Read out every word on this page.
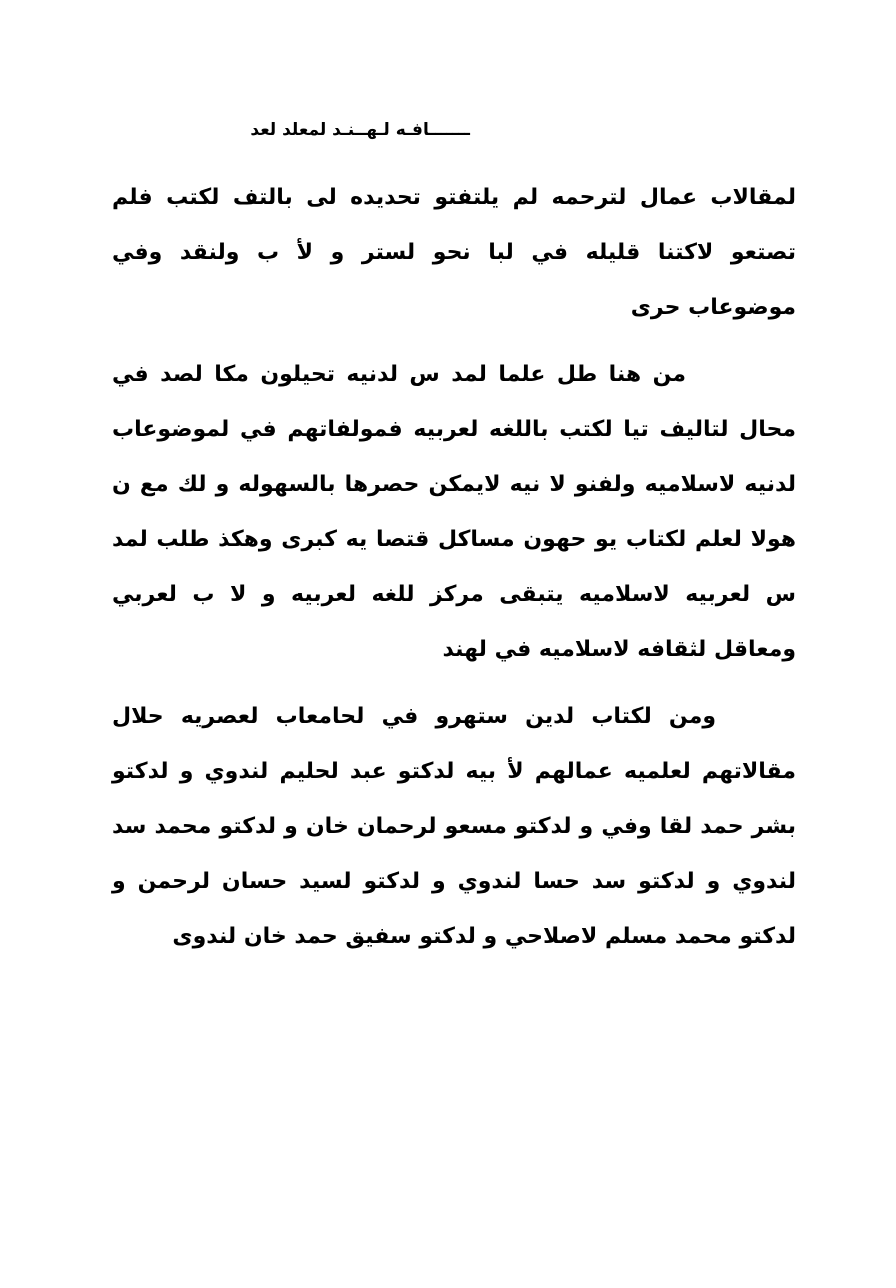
ـــــــافـه لـهــنـد لمعلد لعد

لمقالاب عمال لترحمه لم يلتفتو تحديده لى بالتف لكتب فلم تصتعو لاكتنا قليله في لبا نحو لستر و لأ ب ولنقد وفي موضوعاب حرى

من هنا طل علما لمد س لدنيه تحيلون مكا لصد في محال لتاليف تيا لكتب باللغه لعربيه فمولفاتهم في لموضوعاب لدنيه لاسلاميه ولفنو لا نيه لايمكن حصرها بالسهوله و لك مع ن هولا لعلم لكتاب يو حهون مساكل قتصا يه كبرى وهكذ طلب لمد س لعربيه لاسلاميه يتبقى مركز للغه لعربيه و لا ب لعربي ومعاقل لثقافه لاسلاميه في لهند

ومن لكتاب لدين ستهرو في لحامعاب لعصريه حلال مقالاتهم لعلميه عمالهم لأ بيه لدكتو عبد لحليم لندوي و لدكتو بشر حمد لقا وفي و لدكتو مسعو لرحمان خان و لدكتو محمد سد لندوي و لدكتو سد حسا لندوي و لدكتو لسيد حسان لرحمن و لدكتو محمد مسلم لاصلاحي و لدكتو سفيق حمد خان لندوى
